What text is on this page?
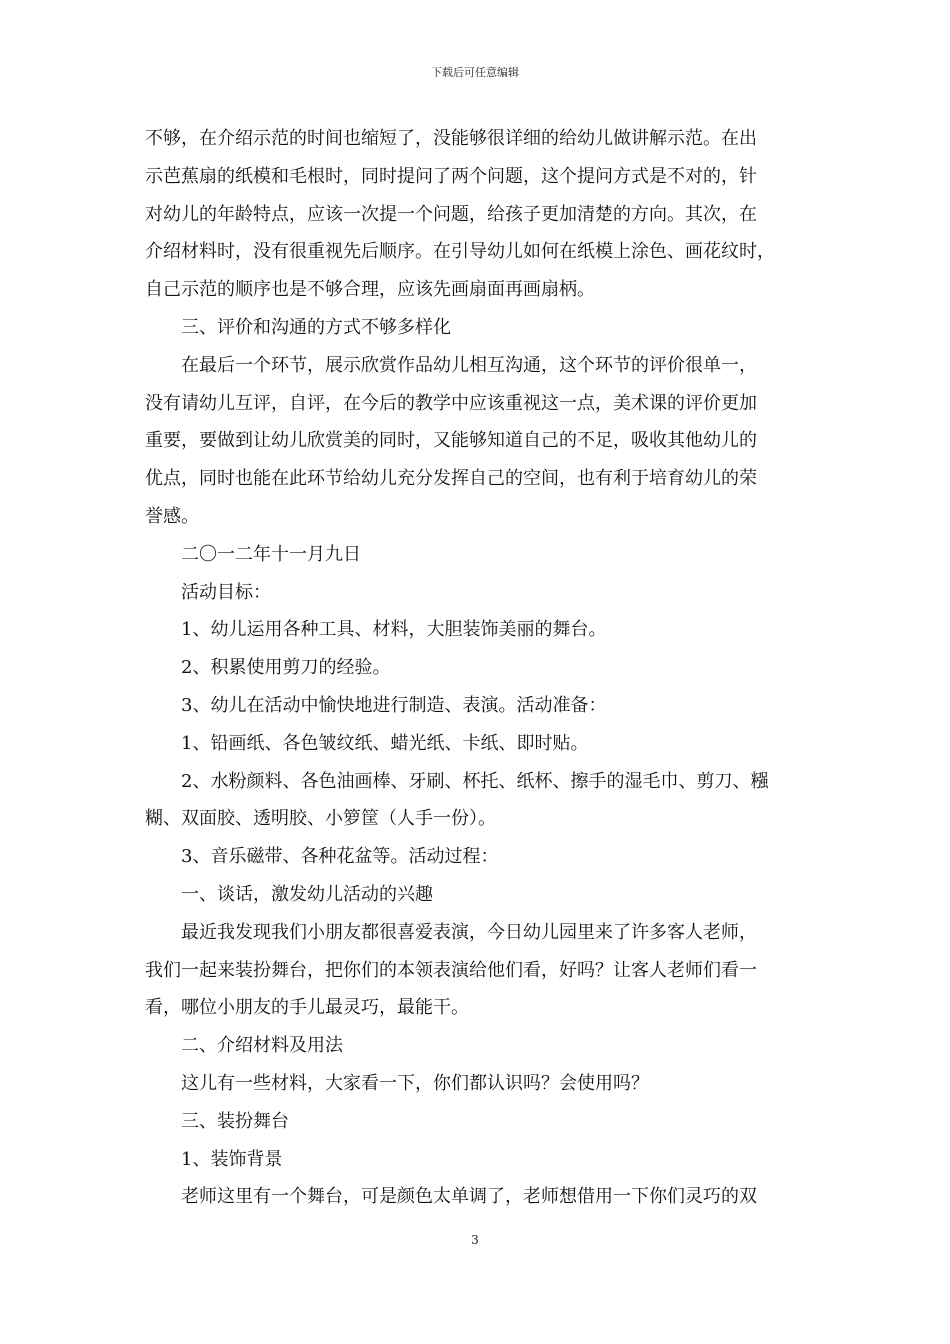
下载后可任意编辑
不够，在介绍示范的时间也缩短了，没能够很详细的给幼儿做讲解示范。在出
示芭蕉扇的纸模和毛根时，同时提问了两个问题，这个提问方式是不对的，针
对幼儿的年龄特点，应该一次提一个问题，给孩子更加清楚的方向。其次，在
介绍材料时，没有很重视先后顺序。在引导幼儿如何在纸模上涂色、画花纹时，
自己示范的顺序也是不够合理，应该先画扇面再画扇柄。
三、评价和沟通的方式不够多样化
在最后一个环节，展示欣赏作品幼儿相互沟通，这个环节的评价很单一，
没有请幼儿互评，自评，在今后的教学中应该重视这一点，美术课的评价更加
重要，要做到让幼儿欣赏美的同时，又能够知道自己的不足，吸收其他幼儿的
优点，同时也能在此环节给幼儿充分发挥自己的空间，也有利于培育幼儿的荣
誉感。
二〇一二年十一月九日
活动目标：
1、幼儿运用各种工具、材料，大胆装饰美丽的舞台。
2、积累使用剪刀的经验。
3、幼儿在活动中愉快地进行制造、表演。活动准备：
1、铅画纸、各色皱纹纸、蜡光纸、卡纸、即时贴。
2、水粉颜料、各色油画棒、牙刷、杯托、纸杯、擦手的湿毛巾、剪刀、糨
糊、双面胶、透明胶、小箩筐（人手一份）。
3、音乐磁带、各种花盆等。活动过程：
一、谈话，激发幼儿活动的兴趣
最近我发现我们小朋友都很喜爱表演，今日幼儿园里来了许多客人老师，
我们一起来装扮舞台，把你们的本领表演给他们看，好吗？让客人老师们看一
看，哪位小朋友的手儿最灵巧，最能干。
二、介绍材料及用法
这儿有一些材料，大家看一下，你们都认识吗？会使用吗？
三、装扮舞台
1、装饰背景
老师这里有一个舞台，可是颜色太单调了，老师想借用一下你们灵巧的双
3
